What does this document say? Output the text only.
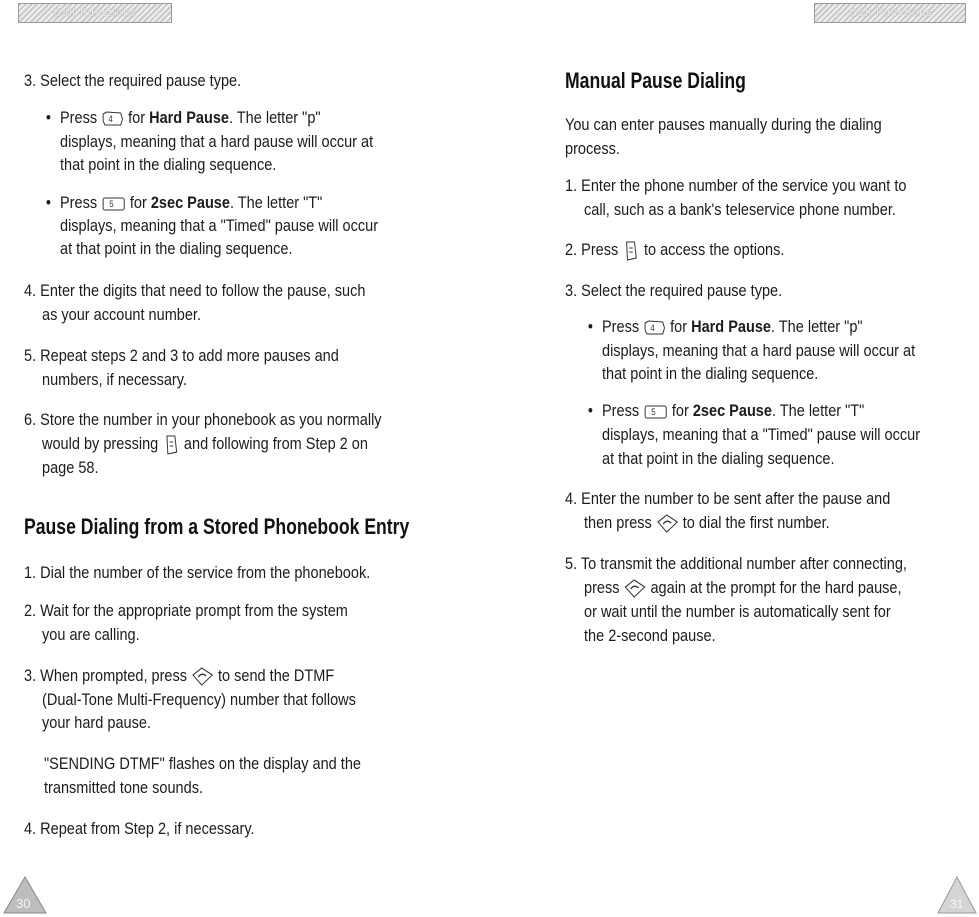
Call Functions	Call Functions
3. Select the required pause type.
• Press 4 for Hard Pause. The letter "p"
displays, meaning that a hard pause will occur at
that point in the dialing sequence.
• Press 5 for 2sec Pause. The letter "T"
displays, meaning that a "Timed" pause will occur
at that point in the dialing sequence.
4. Enter the digits that need to follow the pause, such
as your account number.
5. Repeat steps 2 and 3 to add more pauses and
numbers, if necessary.
6. Store the number in your phonebook as you normally
would by pressing and following from Step 2 on
page 58.
Pause Dialing from a Stored Phonebook Entry
1. Dial the number of the service from the phonebook.
2. Wait for the appropriate prompt from the system
you are calling.
3. When prompted, press to send the DTMF
(Dual-Tone Multi-Frequency) number that follows
your hard pause.
"SENDING DTMF" flashes on the display and the
transmitted tone sounds.
4. Repeat from Step 2, if necessary.
30
Manual Pause Dialing
You can enter pauses manually during the dialing
process.
1. Enter the phone number of the service you want to
call, such as a bank's teleservice phone number.
2. Press to access the options.
3. Select the required pause type.
• Press 4 for Hard Pause. The letter "p"
displays, meaning that a hard pause will occur at
that point in the dialing sequence.
• Press 5 for 2sec Pause. The letter "T"
displays, meaning that a "Timed" pause will occur
at that point in the dialing sequence.
4. Enter the number to be sent after the pause and
then press to dial the first number.
5. To transmit the additional number after connecting,
press again at the prompt for the hard pause,
or wait until the number is automatically sent for
the 2-second pause.
31
